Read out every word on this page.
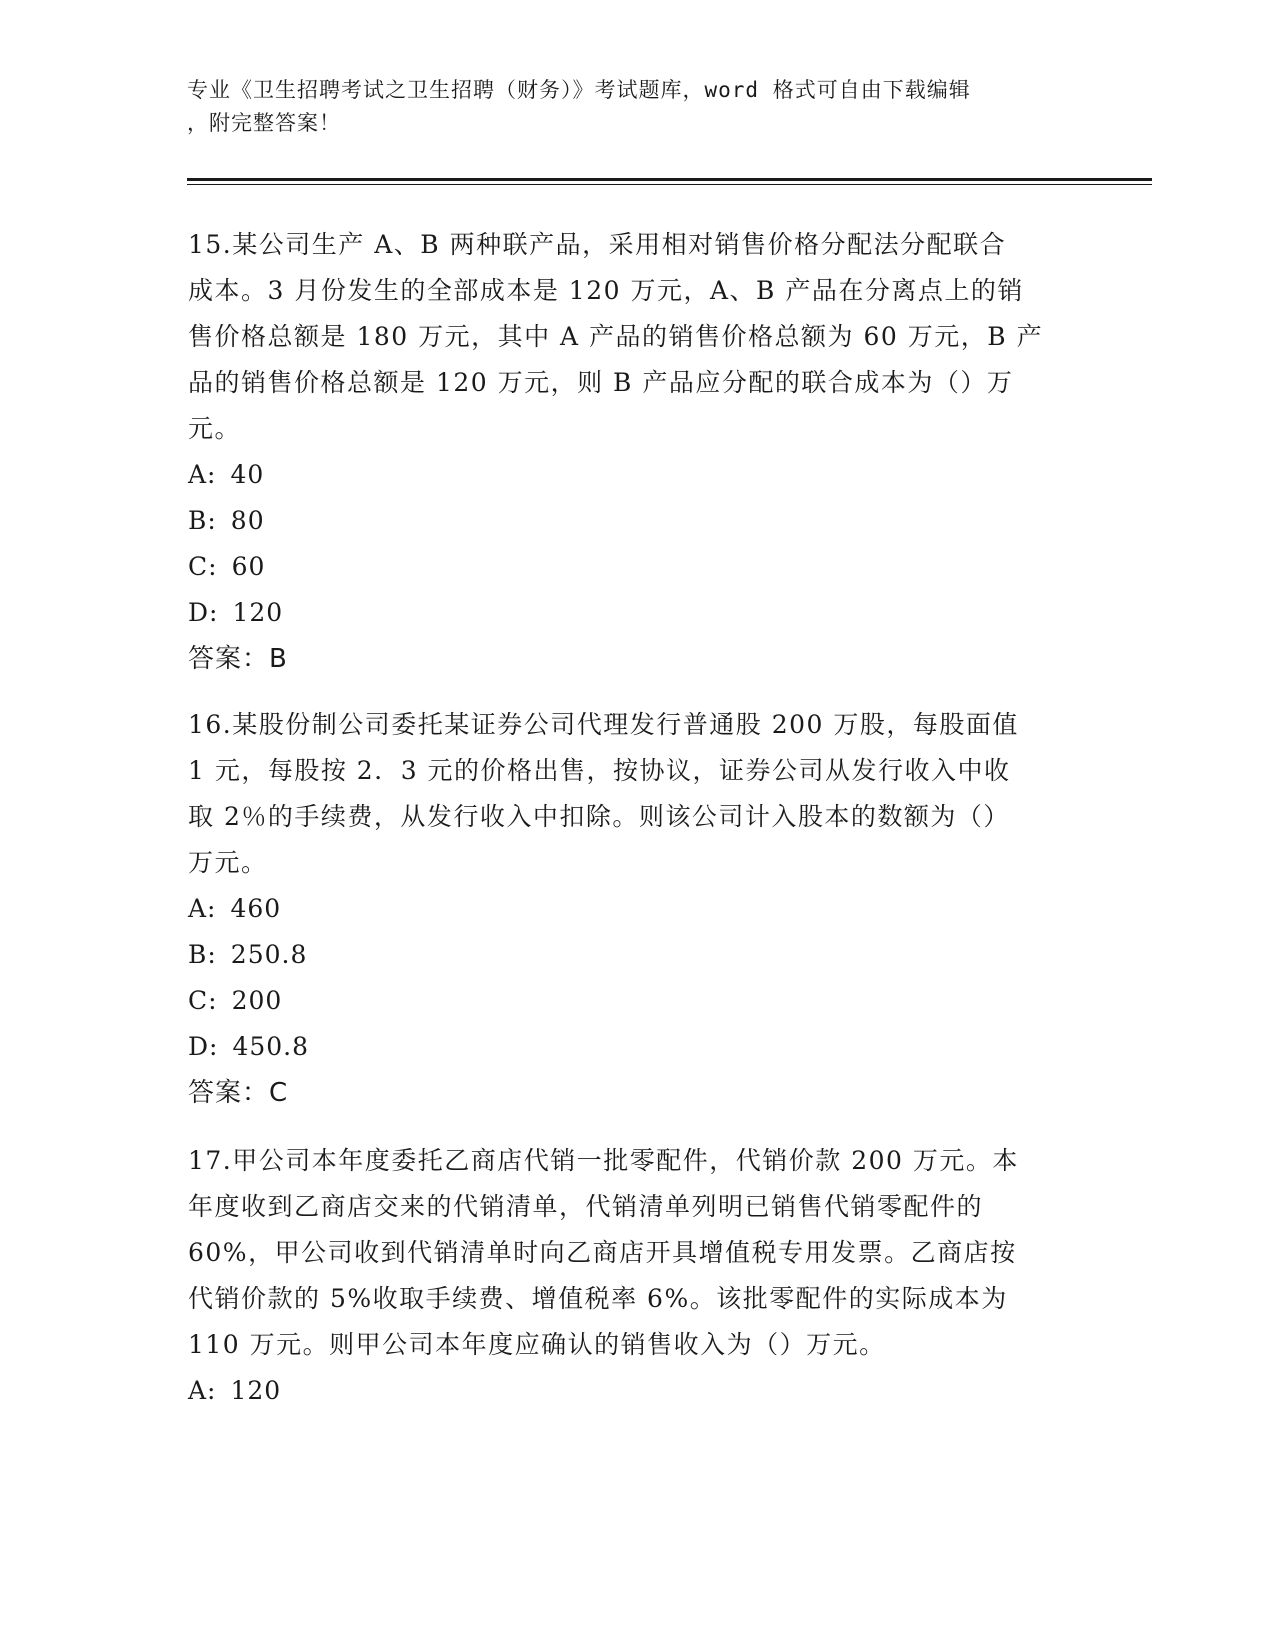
专业《卫生招聘考试之卫生招聘（财务）》考试题库，word 格式可自由下载编辑
，附完整答案！
15.某公司生产 A、B 两种联产品，采用相对销售价格分配法分配联合
成本。3 月份发生的全部成本是 120 万元，A、B 产品在分离点上的销
售价格总额是 180 万元，其中 A 产品的销售价格总额为 60 万元，B 产
品的销售价格总额是 120 万元，则 B 产品应分配的联合成本为（）万
元。
A: 40
B: 80
C: 60
D: 120
答案：B
16.某股份制公司委托某证券公司代理发行普通股 200 万股，每股面值
1 元，每股按 2．3 元的价格出售，按协议，证券公司从发行收入中收
取 2％的手续费，从发行收入中扣除。则该公司计入股本的数额为（）
万元。
A: 460
B: 250.8
C: 200
D: 450.8
答案：C
17.甲公司本年度委托乙商店代销一批零配件，代销价款 200 万元。本
年度收到乙商店交来的代销清单，代销清单列明已销售代销零配件的
60%，甲公司收到代销清单时向乙商店开具增值税专用发票。乙商店按
代销价款的 5%收取手续费、增值税率 6%。该批零配件的实际成本为
110 万元。则甲公司本年度应确认的销售收入为（）万元。
A: 120
